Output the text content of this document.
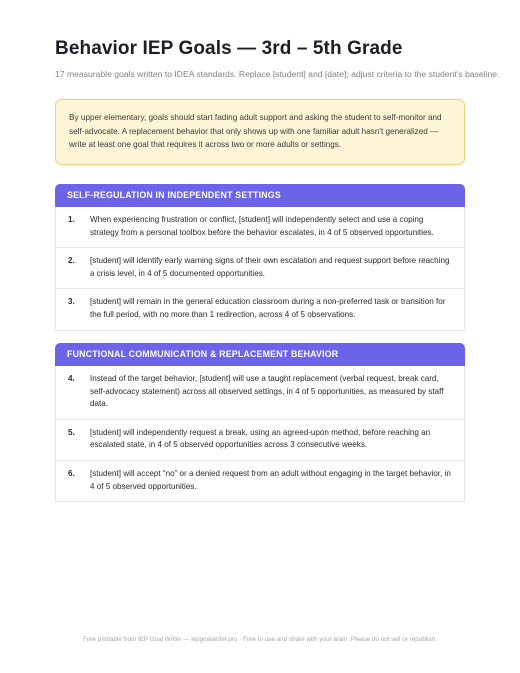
Behavior IEP Goals — 3rd – 5th Grade

17 measurable goals written to IDEA standards. Replace [student] and [date]; adjust criteria to the student's baseline.

By upper elementary, goals should start fading adult support and asking the student to self-monitor and self-advocate. A replacement behavior that only shows up with one familiar adult hasn't generalized — write at least one goal that requires it across two or more adults or settings.
SELF-REGULATION IN INDEPENDENT SETTINGS
1.	When experiencing frustration or conflict, [student] will independently select and use a coping strategy from a personal toolbox before the behavior escalates, in 4 of 5 observed opportunities.
2.	[student] will identify early warning signs of their own escalation and request support before reaching a crisis level, in 4 of 5 documented opportunities.
3.	[student] will remain in the general education classroom during a non-preferred task or transition for the full period, with no more than 1 redirection, across 4 of 5 observations.
FUNCTIONAL COMMUNICATION & REPLACEMENT BEHAVIOR
4.	Instead of the target behavior, [student] will use a taught replacement (verbal request, break card, self-advocacy statement) across all observed settings, in 4 of 5 opportunities, as measured by staff data.
5.	[student] will independently request a break, using an agreed-upon method, before reaching an escalated state, in 4 of 5 observed opportunities across 3 consecutive weeks.
6.	[student] will accept “no” or a denied request from an adult without engaging in the target behavior, in 4 of 5 observed opportunities.

Free printable from IEP Goal Writer — iepgoalwriter.pro · Free to use and share with your team. Please do not sell or republish.
